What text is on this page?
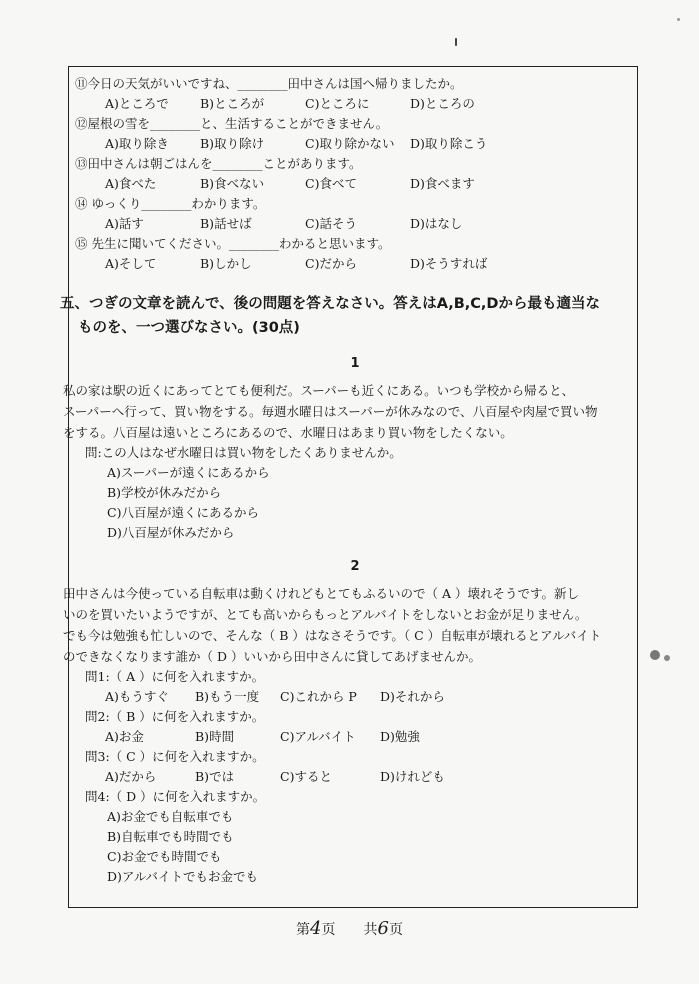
⑪今日の天気がいいですね、________田中さんは国へ帰りましたか。
A)ところで	B)ところが	C)ところに	D)ところの
⑫屋根の雪を________と、生活することができません。
A)取り除き	B)取り除け	C)取り除かない	D)取り除こう
⑬田中さんは朝ごはんを________ことがあります。
A)食べた	B)食べない	C)食べて	D)食べます
⑭ ゆっくり________わかります。
A)話す	B)話せば	C)話そう	D)はなし
⑮ 先生に聞いてください。________わかると思います。
A)そして	B)しかし	C)だから	D)そうすれば
五、つぎの文章を読んで、後の問題を答えなさい。答えはA,B,C,Dから最も適当な
ものを、一つ選びなさい。(30点)
1
私の家は駅の近くにあってとても便利だ。スーパーも近くにある。いつも学校から帰ると、
スーパーへ行って、買い物をする。毎週水曜日はスーパーが休みなので、八百屋や肉屋で買い物
をする。八百屋は遠いところにあるので、水曜日はあまり買い物をしたくない。
問:この人はなぜ水曜日は買い物をしたくありませんか。
A)スーパーが遠くにあるから
B)学校が休みだから
C)八百屋が遠くにあるから
D)八百屋が休みだから
2
田中さんは今使っている自転車は動くけれどもとてもふるいので（ A ）壊れそうです。新し
いのを買いたいようですが、とても高いからもっとアルバイトをしないとお金が足りません。
でも今は勉強も忙しいので、そんな（ B ）はなさそうです。（ C ）自転車が壊れるとアルバイト
のできなくなります誰か（ D ）いいから田中さんに貸してあげませんか。
問1:（ A ）に何を入れますか。
A)もうすぐ	B)もう一度	C)これから P	D)それから
問2:（ B ）に何を入れますか。
A)お金	B)時間	C)アルバイト	D)勉強
問3:（ C ）に何を入れますか。
A)だから	B)では	C)すると	D)けれども
問4:（ D ）に何を入れますか。
A)お金でも自転車でも
B)自転車でも時間でも
C)お金でも時間でも
D)アルバイトでもお金でも
第4页　　共6页
